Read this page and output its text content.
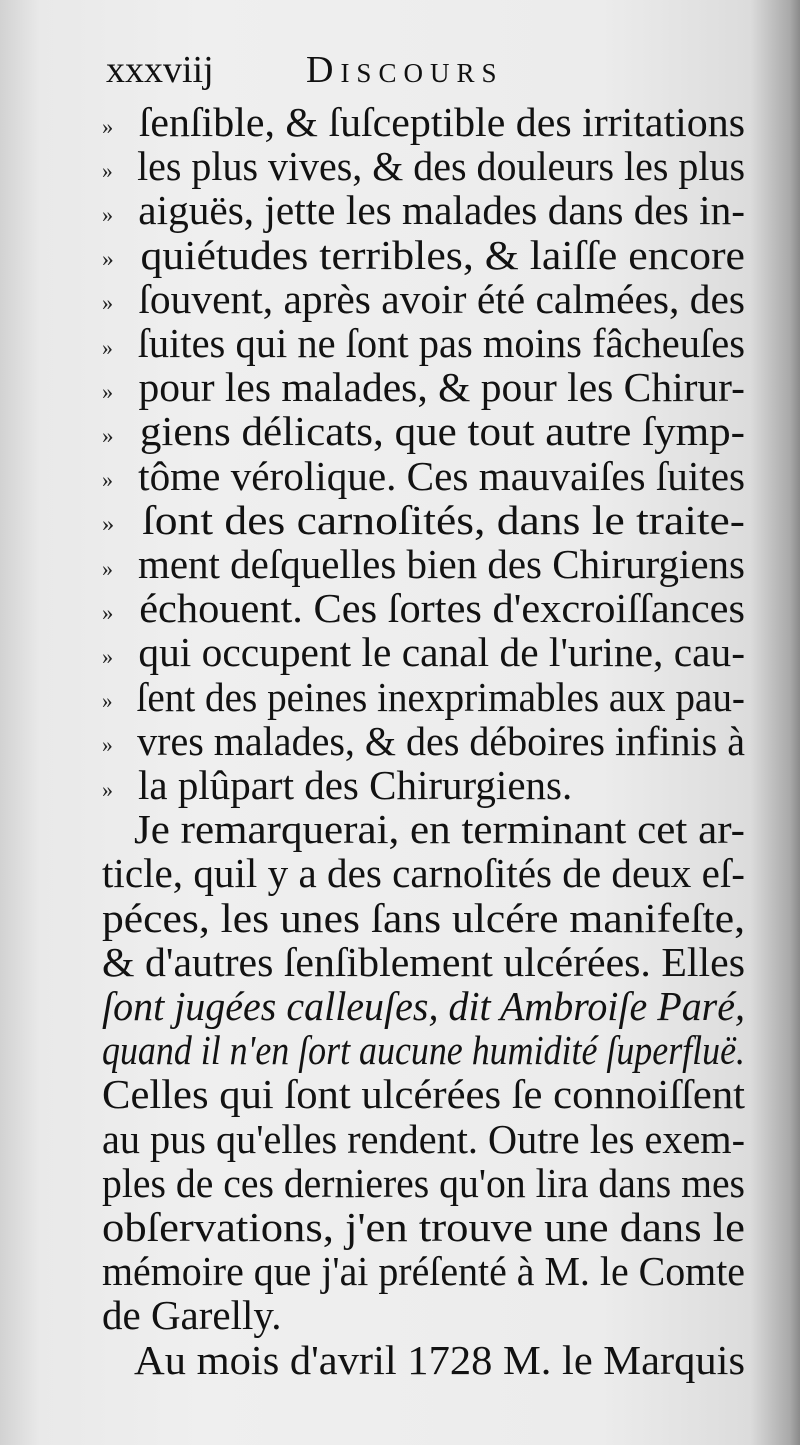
xxxviij Discours
» ſenſible, & ſuſceptible des irritations
» les plus vives, & des douleurs les plus
» aiguës, jette les malades dans des in-
» quiétudes terribles, & laiſſe encore
» ſouvent, après avoir été calmées, des
» ſuites qui ne ſont pas moins fâcheuſes
» pour les malades, & pour les Chirur-
» giens délicats, que tout autre ſymp-
» tôme vérolique. Ces mauvaiſes ſuites
» ſont des carnoſités, dans le traite-
» ment deſquelles bien des Chirurgiens
» échouent. Ces ſortes d'excroiſſances
» qui occupent le canal de l'urine, cau-
» ſent des peines inexprimables aux pau-
» vres malades, & des déboires infinis à
» la plûpart des Chirurgiens.
Je remarquerai, en terminant cet ar-
ticle, quil y a des carnoſités de deux eſ-
péces, les unes ſans ulcére manifeſte,
& d'autres ſenſiblement ulcérées. Elles
ſont jugées calleuſes, dit Ambroiſe Paré,
quand il n'en ſort aucune humidité ſuperfluë.
Celles qui ſont ulcérées ſe connoiſſent
au pus qu'elles rendent. Outre les exem-
ples de ces dernieres qu'on lira dans mes
obſervations, j'en trouve une dans le
mémoire que j'ai préſenté à M. le Comte
de Garelly.
Au mois d'avril 1728 M. le Marquis
